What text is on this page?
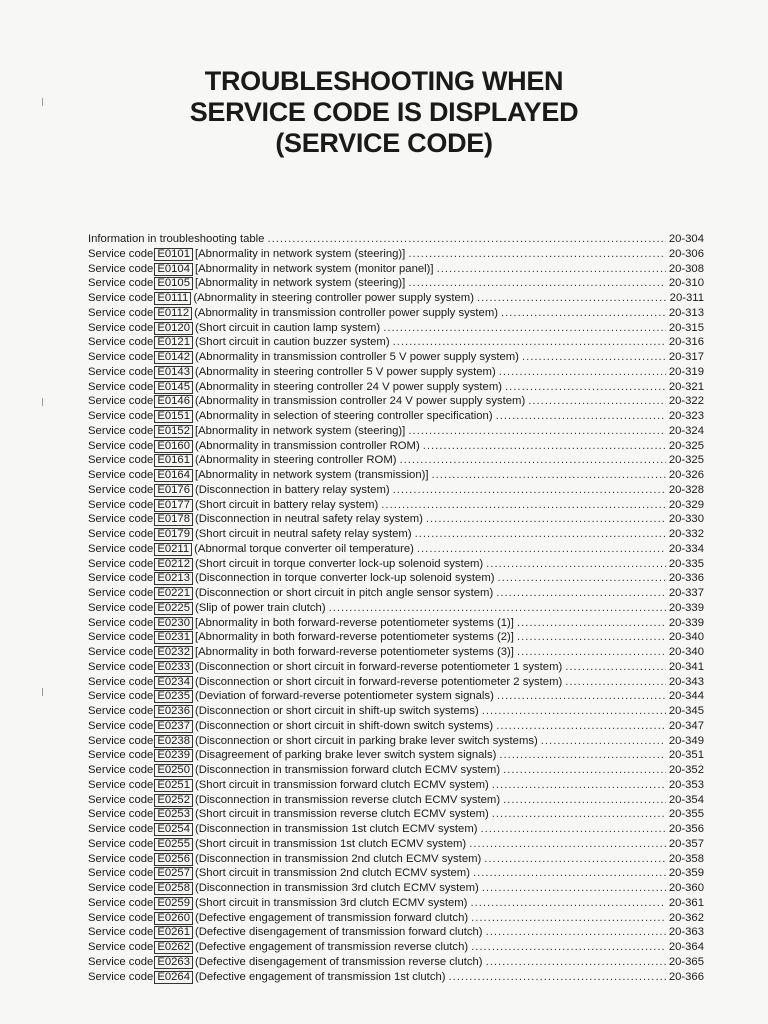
TROUBLESHOOTING WHEN
SERVICE CODE IS DISPLAYED
(SERVICE CODE)
Information in troubleshooting table .....	20-304
Service code E0101 [Abnormality in network system (steering)] .....	20-306
Service code E0104 [Abnormality in network system (monitor panel)] .....	20-308
Service code E0105 [Abnormality in network system (steering)] .....	20-310
Service code E0111 (Abnormality in steering controller power supply system) .....	20-311
Service code E0112 (Abnormality in transmission controller power supply system) .....	20-313
Service code E0120 (Short circuit in caution lamp system) .....	20-315
Service code E0121 (Short circuit in caution buzzer system) .....	20-316
Service code E0142 (Abnormality in transmission controller 5 V power supply system) .....	20-317
Service code E0143 (Abnormality in steering controller 5 V power supply system) .....	20-319
Service code E0145 (Abnormality in steering controller 24 V power supply system) .....	20-321
Service code E0146 (Abnormality in transmission controller 24 V power supply system) .....	20-322
Service code E0151 (Abnormality in selection of steering controller specification) .....	20-323
Service code E0152 [Abnormality in network system (steering)] .....	20-324
Service code E0160 (Abnormality in transmission controller ROM) .....	20-325
Service code E0161 (Abnormality in steering controller ROM) .....	20-325
Service code E0164 [Abnormality in network system (transmission)] .....	20-326
Service code E0176 (Disconnection in battery relay system) .....	20-328
Service code E0177 (Short circuit in battery relay system) .....	20-329
Service code E0178 (Disconnection in neutral safety relay system) .....	20-330
Service code E0179 (Short circuit in neutral safety relay system) .....	20-332
Service code E0211 (Abnormal torque converter oil temperature) .....	20-334
Service code E0212 (Short circuit in torque converter lock-up solenoid system) .....	20-335
Service code E0213 (Disconnection in torque converter lock-up solenoid system) .....	20-336
Service code E0221 (Disconnection or short circuit in pitch angle sensor system) .....	20-337
Service code E0225 (Slip of power train clutch) .....	20-339
Service code E0230 [Abnormality in both forward-reverse potentiometer systems (1)] .....	20-339
Service code E0231 [Abnormality in both forward-reverse potentiometer systems (2)] .....	20-340
Service code E0232 [Abnormality in both forward-reverse potentiometer systems (3)] .....	20-340
Service code E0233 (Disconnection or short circuit in forward-reverse potentiometer 1 system) .....	20-341
Service code E0234 (Disconnection or short circuit in forward-reverse potentiometer 2 system) .....	20-343
Service code E0235 (Deviation of forward-reverse potentiometer system signals) .....	20-344
Service code E0236 (Disconnection or short circuit in shift-up switch systems) .....	20-345
Service code E0237 (Disconnection or short circuit in shift-down switch systems) .....	20-347
Service code E0238 (Disconnection or short circuit in parking brake lever switch systems) .....	20-349
Service code E0239 (Disagreement of parking brake lever switch system signals) .....	20-351
Service code E0250 (Disconnection in transmission forward clutch ECMV system) .....	20-352
Service code E0251 (Short circuit in transmission forward clutch ECMV system) .....	20-353
Service code E0252 (Disconnection in transmission reverse clutch ECMV system) .....	20-354
Service code E0253 (Short circuit in transmission reverse clutch ECMV system) .....	20-355
Service code E0254 (Disconnection in transmission 1st clutch ECMV system) .....	20-356
Service code E0255 (Short circuit in transmission 1st clutch ECMV system) .....	20-357
Service code E0256 (Disconnection in transmission 2nd clutch ECMV system) .....	20-358
Service code E0257 (Short circuit in transmission 2nd clutch ECMV system) .....	20-359
Service code E0258 (Disconnection in transmission 3rd clutch ECMV system) .....	20-360
Service code E0259 (Short circuit in transmission 3rd clutch ECMV system) .....	20-361
Service code E0260 (Defective engagement of transmission forward clutch) .....	20-362
Service code E0261 (Defective disengagement of transmission forward clutch) .....	20-363
Service code E0262 (Defective engagement of transmission reverse clutch) .....	20-364
Service code E0263 (Defective disengagement of transmission reverse clutch) .....	20-365
Service code E0264 (Defective engagement of transmission 1st clutch) .....	20-366
